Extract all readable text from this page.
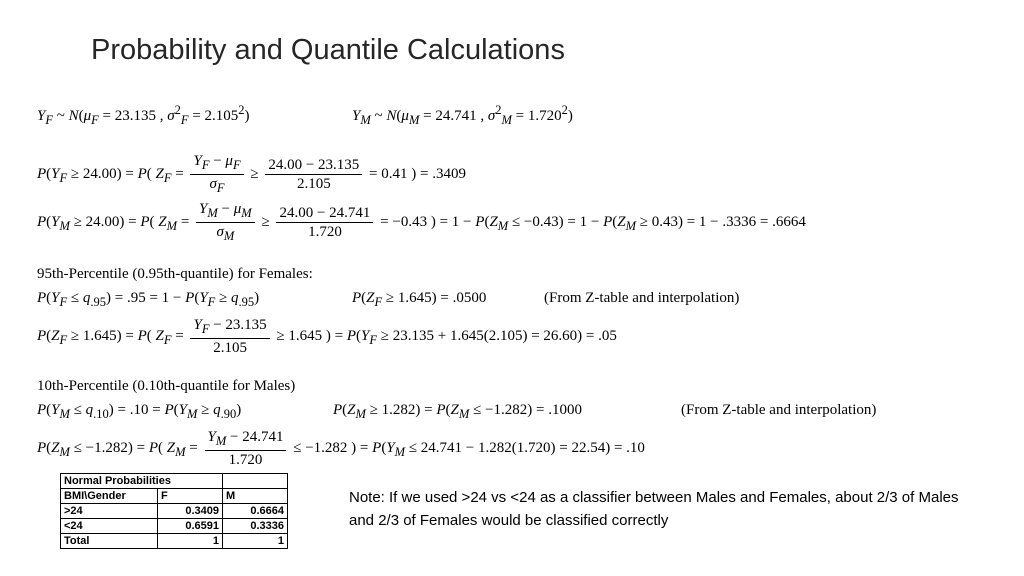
Probability and Quantile Calculations
$Y_F$ ~ $N(\mu_F = 23.135$ , $\sigma^2_F = 2.105^2$)	$Y_M$ ~ $N(\mu_M = 24.741$ , $\sigma^2_M = 1.720^2$)
$P(Y_F \ge 24.00) = P$( $Z_F = \frac{Y_F - \mu_F}{\sigma_F} \ge \frac{24.00 - 23.135}{2.105} = 0.41$ ) = .3409
$P(Y_M \ge 24.00) = P$( $Z_M = \frac{Y_M - \mu_M}{\sigma_M} \ge \frac{24.00 - 24.741}{1.720} = -0.43$ ) = $1 - P(Z_M \le -0.43) = 1 - P(Z_M \ge 0.43) = 1 - .3336 = .6664$
95th-Percentile (0.95th-quantile) for Females:
$P(Y_F \le q_{.95}) = .95 = 1 - P(Y_F \ge q_{.95})$	$P(Z_F \ge 1.645) = .0500$	(From Z-table and interpolation)
$P(Z_F \ge 1.645) = P$( $Z_F = \frac{Y_F - 23.135}{2.105} \ge 1.645$ ) = $P(Y_F \ge 23.135 + 1.645(2.105) = 26.60) = .05$
10th-Percentile (0.10th-quantile for Males)
$P(Y_M \le q_{.10}) = .10 = P(Y_M \ge q_{.90})$	$P(Z_M \ge 1.282) = P(Z_M \le -1.282) = .1000$	(From Z-table and interpolation)
$P(Z_M \le -1.282) = P$( $Z_M = \frac{Y_M - 24.741}{1.720} \le -1.282$ ) = $P(Y_M \le 24.741 - 1.282(1.720) = 22.54) = .10$
Normal Probabilities		
BMI\Gender	F	M
>24	0.3409	0.6664
<24	0.6591	0.3336
Total	1	1
Note: If we used >24 vs <24 as a classifier between Males and Females, about 2/3 of Males and 2/3 of Females would be classified correctly
